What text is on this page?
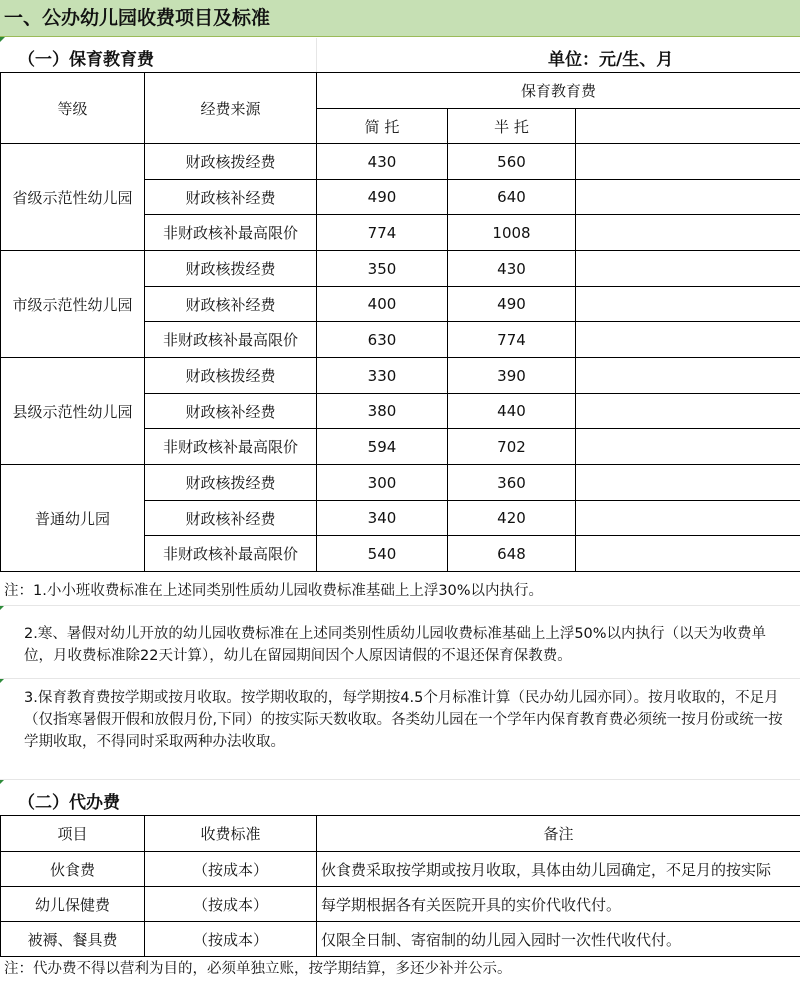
一、公办幼儿园收费项目及标准
（一）保育教育费	单位：元/生、月
等级	经费来源	保育教育费		
		简 托	半 托	
省级示范性幼儿园	财政核拨经费	430	560	
	财政核补经费	490	640	
	非财政核补最高限价	774	1008	
市级示范性幼儿园	财政核拨经费	350	430	
	财政核补经费	400	490	
	非财政核补最高限价	630	774	
县级示范性幼儿园	财政核拨经费	330	390	
	财政核补经费	380	440	
	非财政核补最高限价	594	702	
普通幼儿园	财政核拨经费	300	360	
	财政核补经费	340	420	
	非财政核补最高限价	540	648	
注：1.小小班收费标准在上述同类别性质幼儿园收费标准基础上上浮30%以内执行。
2.寒、暑假对幼儿开放的幼儿园收费标准在上述同类别性质幼儿园收费标准基础上上浮50%以内执行（以天为收费单位，月收费标准除22天计算），幼儿在留园期间因个人原因请假的不退还保育保教费。
3.保育教育费按学期或按月收取。按学期收取的，每学期按4.5个月标准计算（民办幼儿园亦同）。按月收取的，不足月（仅指寒暑假开假和放假月份,下同）的按实际天数收取。各类幼儿园在一个学年内保育教育费必须统一按月份或统一按学期收取，不得同时采取两种办法收取。
（二）代办费
项目	收费标准	备注
伙食费	（按成本）	伙食费采取按学期或按月收取，具体由幼儿园确定，不足月的按实际
幼儿保健费	（按成本）	每学期根据各有关医院开具的实价代收代付。
被褥、餐具费	（按成本）	仅限全日制、寄宿制的幼儿园入园时一次性代收代付。
注：代办费不得以营利为目的，必须单独立账，按学期结算，多还少补并公示。
